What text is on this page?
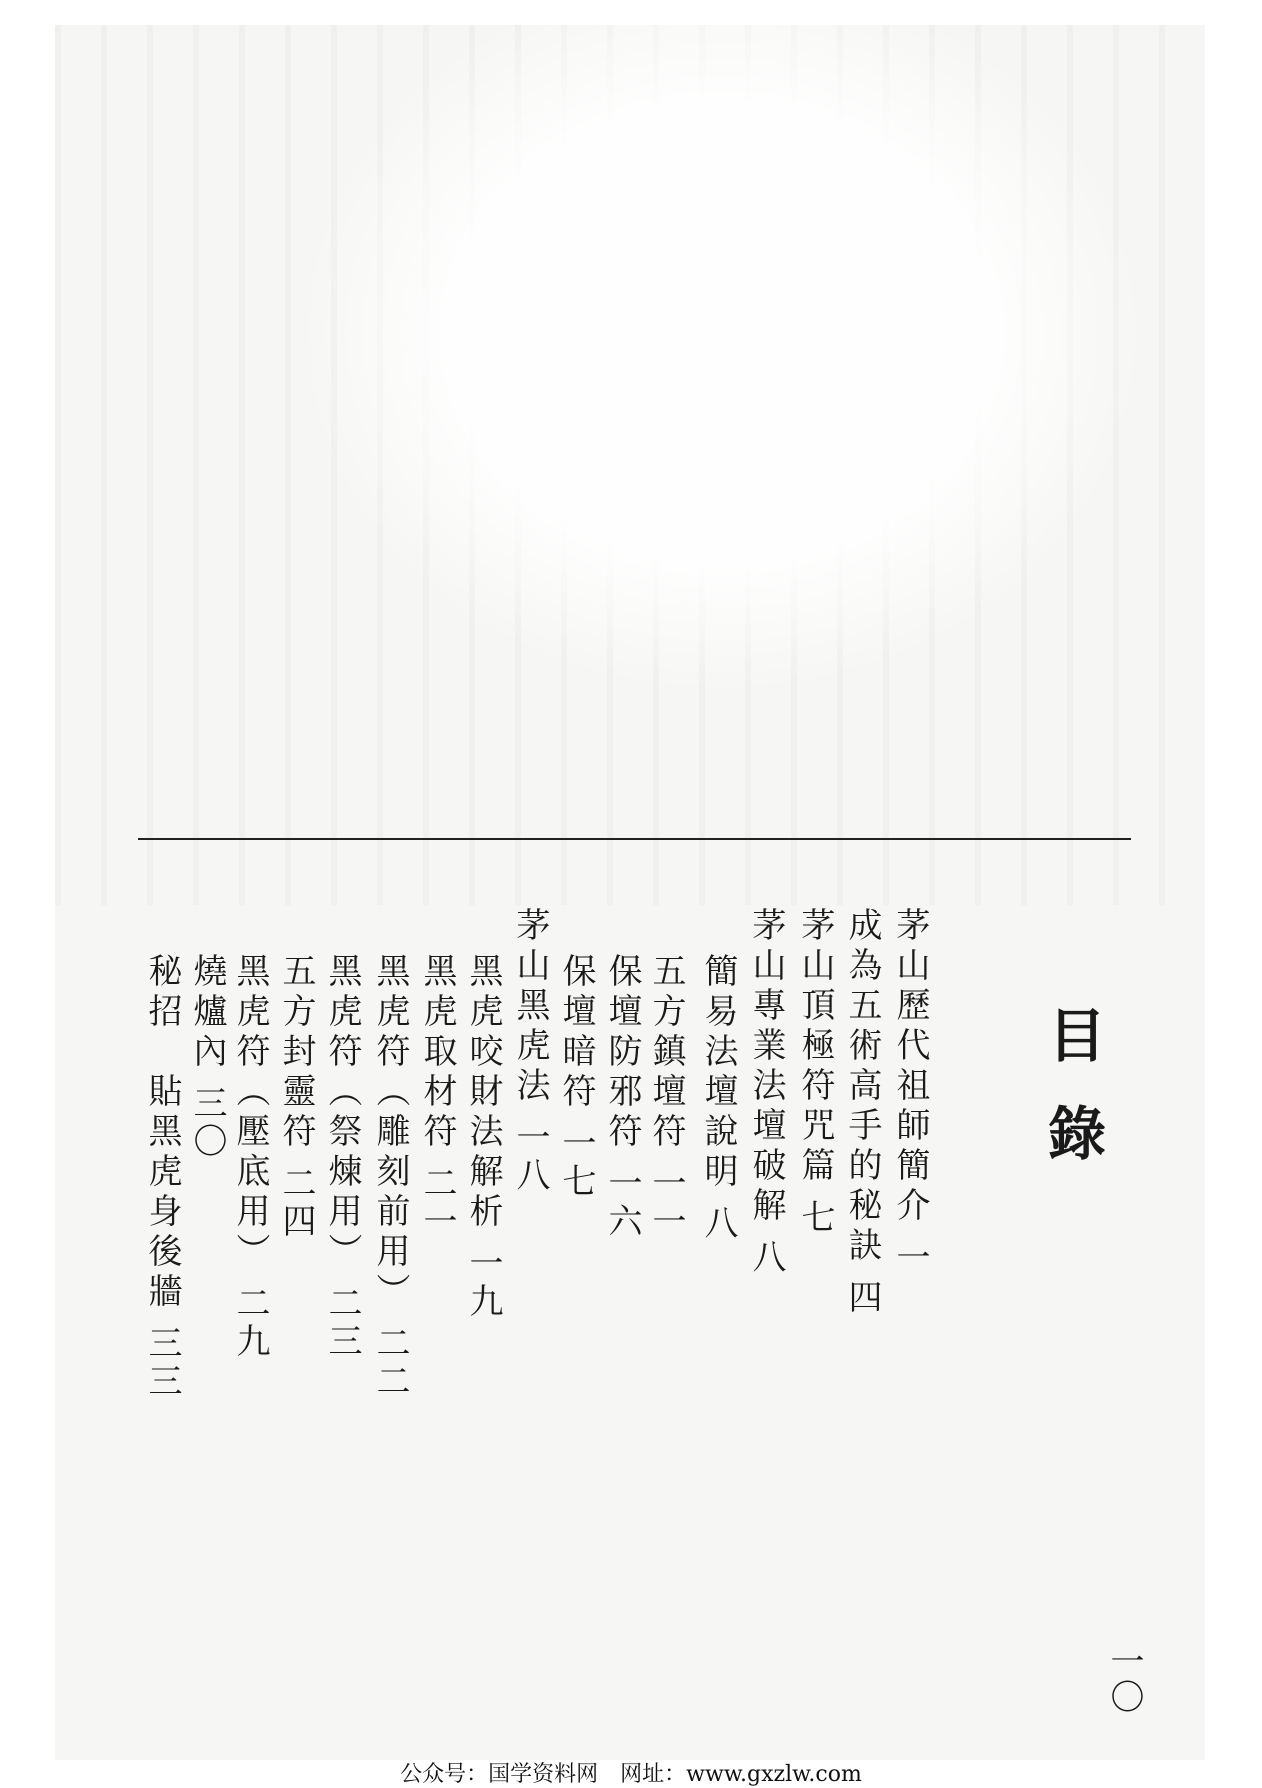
目錄
一〇
茅山歷代祖師簡介
一
成為五術高手的秘訣
四
茅山頂極符咒篇
七
茅山專業法壇破解
八
簡易法壇說明
八
五方鎮壇符
一一
保壇防邪符
一六
保壇暗符
一七
茅山黑虎法
一八
黑虎咬財法解析
一九
黑虎取材符
二一
黑虎符︵雕刻前用︶
二二
黑虎符︵祭煉用︶
二三
五方封靈符
二四
黑虎符︵壓底用︶
二九
燒爐內
三〇
秘招　貼黑虎身後牆
三三
公众号：国学资料网　网址：www.gxzlw.com
